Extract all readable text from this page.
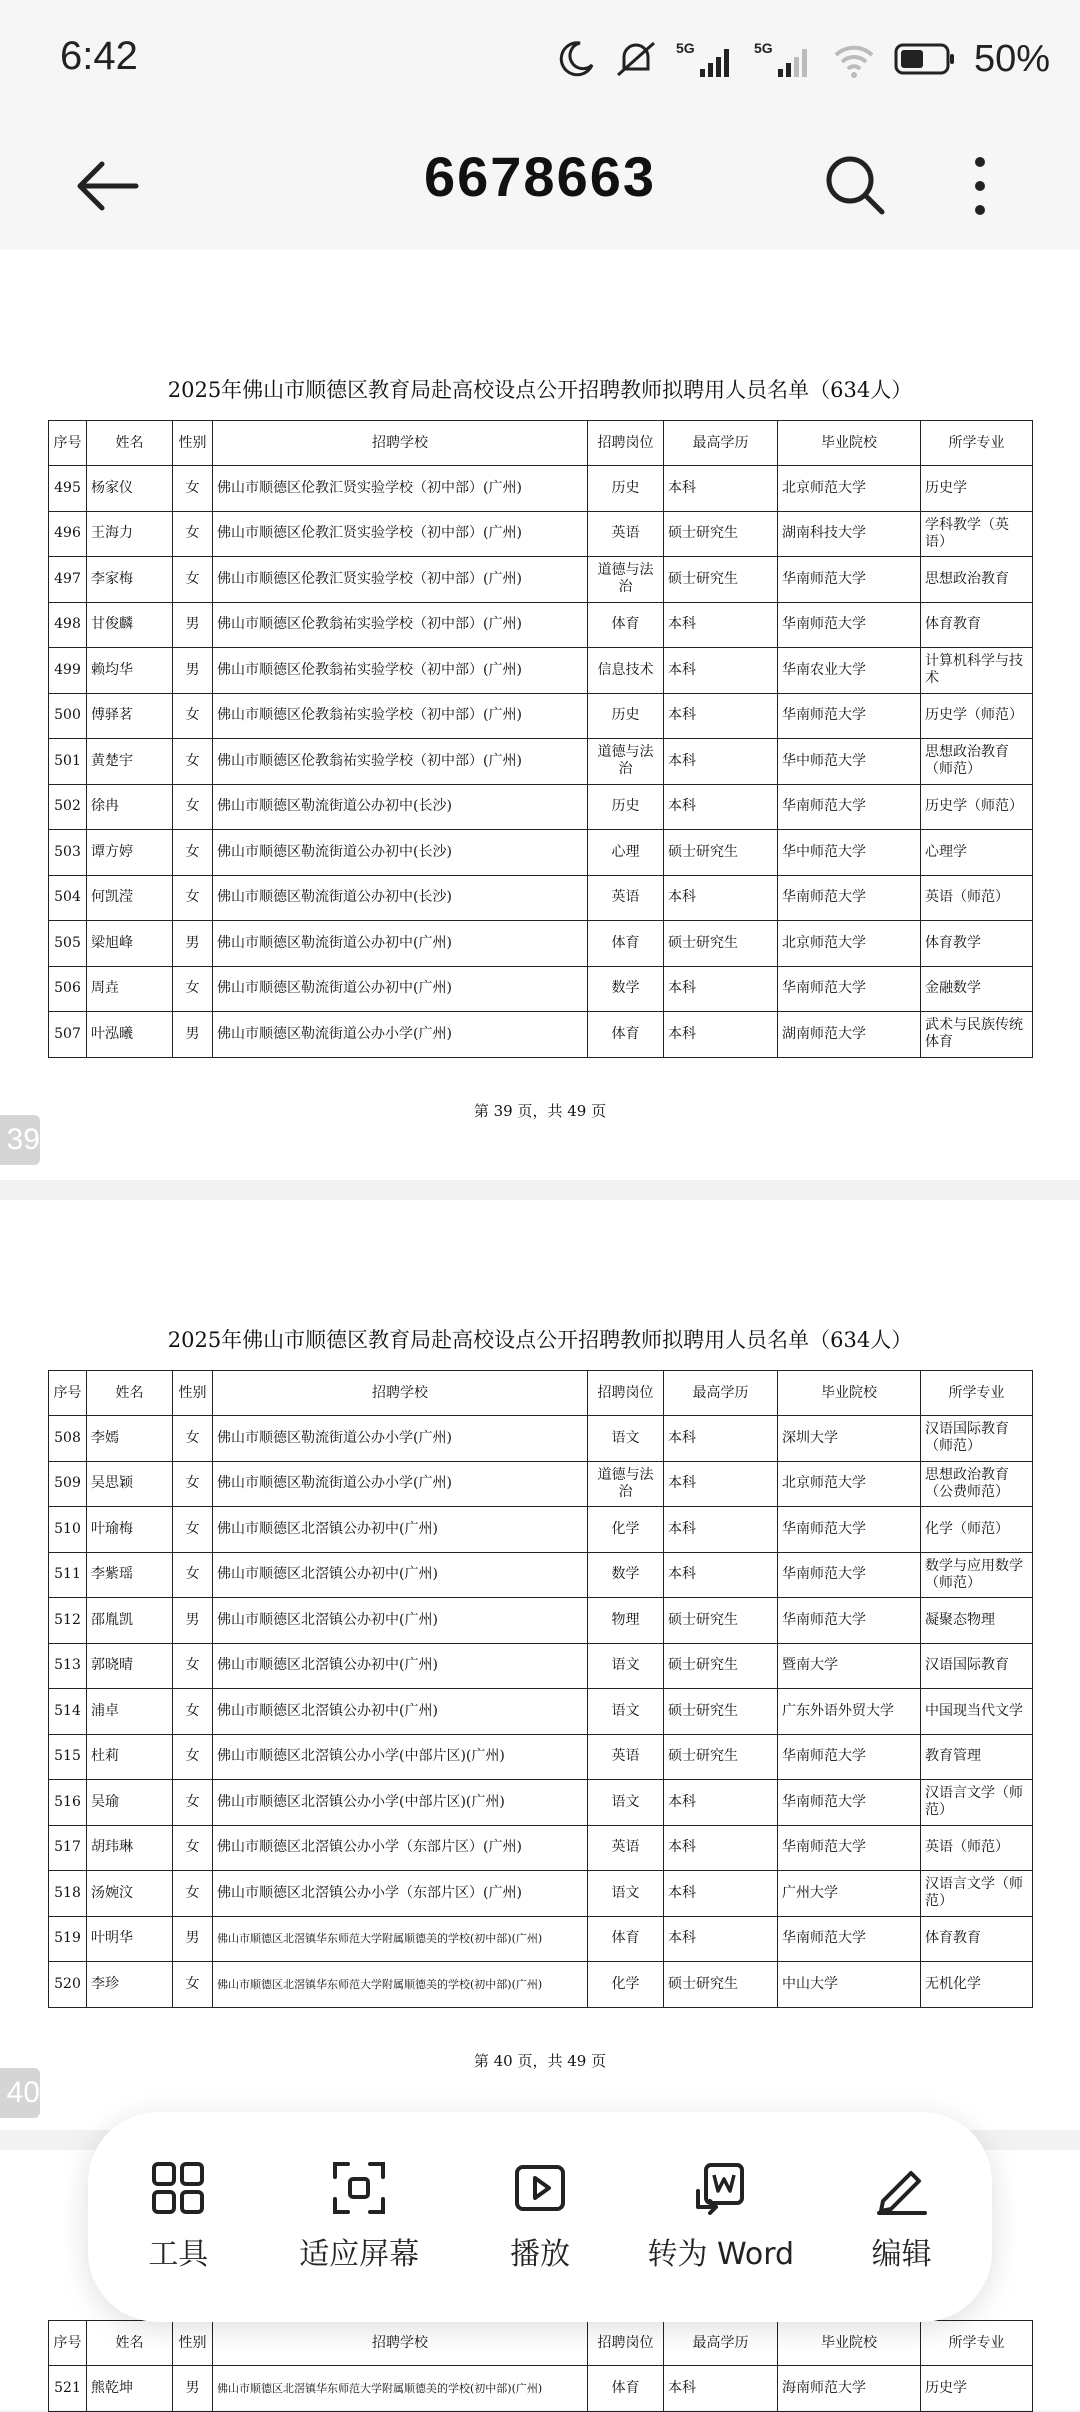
6:42	5G	5G	50%
6678663
2025年佛山市顺德区教育局赴高校设点公开招聘教师拟聘用人员名单（634人）
序号	姓名	性别	招聘学校	招聘岗位	最高学历	毕业院校	所学专业
495	杨家仪	女	佛山市顺德区伦教汇贤实验学校（初中部）(广州)	历史	本科	北京师范大学	历史学
496	王海力	女	佛山市顺德区伦教汇贤实验学校（初中部）(广州)	英语	硕士研究生	湖南科技大学	学科教学（英语）
497	李家梅	女	佛山市顺德区伦教汇贤实验学校（初中部）(广州)	道德与法治	硕士研究生	华南师范大学	思想政治教育
498	甘俊麟	男	佛山市顺德区伦教翁祐实验学校（初中部）(广州)	体育	本科	华南师范大学	体育教育
499	赖均华	男	佛山市顺德区伦教翁祐实验学校（初中部）(广州)	信息技术	本科	华南农业大学	计算机科学与技术
500	傅驿茗	女	佛山市顺德区伦教翁祐实验学校（初中部）(广州)	历史	本科	华南师范大学	历史学（师范）
501	黄楚宇	女	佛山市顺德区伦教翁祐实验学校（初中部）(广州)	道德与法治	本科	华中师范大学	思想政治教育（师范）
502	徐冉	女	佛山市顺德区勒流街道公办初中(长沙)	历史	本科	华南师范大学	历史学（师范）
503	谭方婷	女	佛山市顺德区勒流街道公办初中(长沙)	心理	硕士研究生	华中师范大学	心理学
504	何凯滢	女	佛山市顺德区勒流街道公办初中(长沙)	英语	本科	华南师范大学	英语（师范）
505	梁旭峰	男	佛山市顺德区勒流街道公办初中(广州)	体育	硕士研究生	北京师范大学	体育教学
506	周垚	女	佛山市顺德区勒流街道公办初中(广州)	数学	本科	华南师范大学	金融数学
507	叶泓曦	男	佛山市顺德区勒流街道公办小学(广州)	体育	本科	湖南师范大学	武术与民族传统体育
第 39 页，共 49 页
39
2025年佛山市顺德区教育局赴高校设点公开招聘教师拟聘用人员名单（634人）
序号	姓名	性别	招聘学校	招聘岗位	最高学历	毕业院校	所学专业
508	李嫣	女	佛山市顺德区勒流街道公办小学(广州)	语文	本科	深圳大学	汉语国际教育（师范）
509	吴思颖	女	佛山市顺德区勒流街道公办小学(广州)	道德与法治	本科	北京师范大学	思想政治教育（公费师范）
510	叶瑜梅	女	佛山市顺德区北滘镇公办初中(广州)	化学	本科	华南师范大学	化学（师范）
511	李紫瑶	女	佛山市顺德区北滘镇公办初中(广州)	数学	本科	华南师范大学	数学与应用数学（师范）
512	邵胤凯	男	佛山市顺德区北滘镇公办初中(广州)	物理	硕士研究生	华南师范大学	凝聚态物理
513	郭晓晴	女	佛山市顺德区北滘镇公办初中(广州)	语文	硕士研究生	暨南大学	汉语国际教育
514	浦卓	女	佛山市顺德区北滘镇公办初中(广州)	语文	硕士研究生	广东外语外贸大学	中国现当代文学
515	杜莉	女	佛山市顺德区北滘镇公办小学(中部片区)(广州)	英语	硕士研究生	华南师范大学	教育管理
516	吴瑜	女	佛山市顺德区北滘镇公办小学(中部片区)(广州)	语文	本科	华南师范大学	汉语言文学（师范）
517	胡玮琳	女	佛山市顺德区北滘镇公办小学（东部片区）(广州)	英语	本科	华南师范大学	英语（师范）
518	汤婉汶	女	佛山市顺德区北滘镇公办小学（东部片区）(广州)	语文	本科	广州大学	汉语言文学（师范）
519	叶明华	男	佛山市顺德区北滘镇华东师范大学附属顺德美的学校(初中部)(广州)	体育	本科	华南师范大学	体育教育
520	李珍	女	佛山市顺德区北滘镇华东师范大学附属顺德美的学校(初中部)(广州)	化学	硕士研究生	中山大学	无机化学
第 40 页，共 49 页
40
序号	姓名	性别	招聘学校	招聘岗位	最高学历	毕业院校	所学专业
521	熊乾坤	男	佛山市顺德区北滘镇华东师范大学附属顺德美的学校(初中部)(广州)	体育	本科	海南师范大学	历史学
工具	适应屏幕	播放	转为 Word	编辑
